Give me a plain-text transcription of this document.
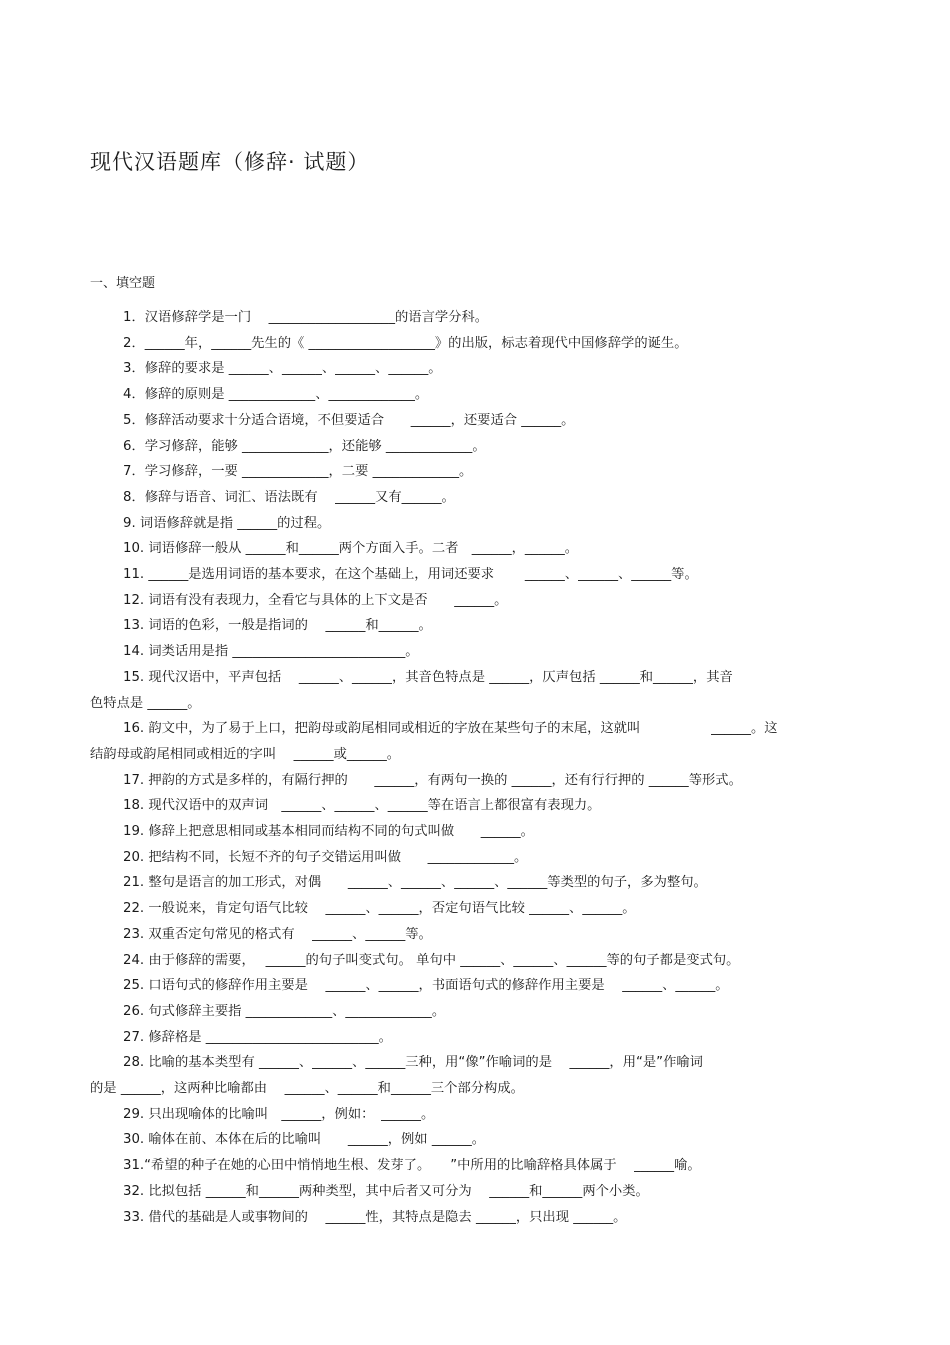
现代汉语题库（修辞· 试题）
一、填空题
1．汉语修辞学是一门　 ___________________的语言学分科。
2．______年，______先生的《 ___________________》的出版，标志着现代中国修辞学的诞生。
3．修辞的要求是 ______、______、______、______。
4．修辞的原则是 _____________、_____________。
5．修辞活动要求十分适合语境，不但要适合　　______，还要适合 ______。
6．学习修辞，能够 _____________，还能够 _____________。
7．学习修辞，一要 _____________，二要 _____________。
8．修辞与语音、词汇、语法既有　 ______又有______。
9. 词语修辞就是指 ______的过程。
10. 词语修辞一般从 ______和______两个方面入手。二者　______，______。
11. ______是选用词语的基本要求，在这个基础上，用词还要求　　 ______、______、______等。
12. 词语有没有表现力，全看它与具体的上下文是否　　______。
13. 词语的色彩，一般是指词的　 ______和______。
14. 词类话用是指 __________________________。
15. 现代汉语中，平声包括　 ______、______，其音色特点是 ______，仄声包括 ______和______，其音
色特点是 ______。
16. 韵文中，为了易于上口，把韵母或韵尾相同或相近的字放在某些句子的末尾，这就叫　　　　　 ______。这
结韵母或韵尾相同或相近的字叫　 ______或______。
17. 押韵的方式是多样的，有隔行押的　　______，有两句一换的 ______，还有行行押的 ______等形式。
18. 现代汉语中的双声词　______、______、______等在语言上都很富有表现力。
19. 修辞上把意思相同或基本相同而结构不同的句式叫做　　______。
20. 把结构不同，长短不齐的句子交错运用叫做　　_____________。
21. 整句是语言的加工形式，对偶　　______、______、______、______等类型的句子，多为整句。
22. 一般说来，肯定句语气比较　 ______、______，否定句语气比较 ______、______。
23. 双重否定句常见的格式有　 ______、______等。
24. 由于修辞的需要，　 ______的句子叫变式句。 单句中 ______、______、______等的句子都是变式句。
25. 口语句式的修辞作用主要是　 ______、______，书面语句式的修辞作用主要是　 ______、______。
26. 句式修辞主要指 _____________、_____________。
27. 修辞格是 __________________________。
28. 比喻的基本类型有 ______、______、______三种，用“像”作喻词的是　 ______，用“是”作喻词
的是 ______，这两种比喻都由　 ______、______和______三个部分构成。
29. 只出现喻体的比喻叫　______，例如：　______。
30. 喻体在前、本体在后的比喻叫　　______，例如 ______。
31.“希望的种子在她的心田中悄悄地生根、发芽了。　　”中所用的比喻辞格具体属于　 ______喻。
32. 比拟包括 ______和______两种类型，其中后者又可分为　 ______和______两个小类。
33. 借代的基础是人或事物间的　 ______性，其特点是隐去 ______，只出现 ______。
